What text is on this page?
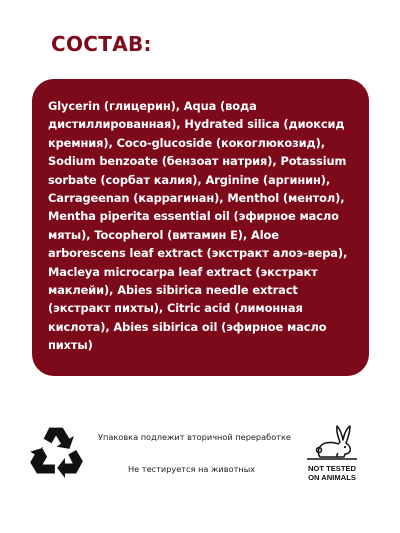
СОСТАВ:

Glycerin (глицерин), Aqua (вода дистиллированная), Hydrated silica (диоксид кремния), Coco-glucoside (кокоглюкозид), Sodium benzoate (бензоат натрия), Potassium sorbate (сорбат калия), Arginine (аргинин), Carrageenan (каррагинан), Menthol (ментол), Mentha piperita essential oil (эфирное масло мяты), Tocopherol (витамин Е), Aloe arborescens leaf extract (экстракт алоэ-вера), Macleya microcarpa leaf extract (экстракт маклейи), Abies sibirica needle extract (экстракт пихты), Citric acid (лимонная кислота), Abies sibirica oil (эфирное масло пихты)

Упаковка подлежит вторичной переработке
Не тестируется на животных	NOT TESTED
ON ANIMALS
